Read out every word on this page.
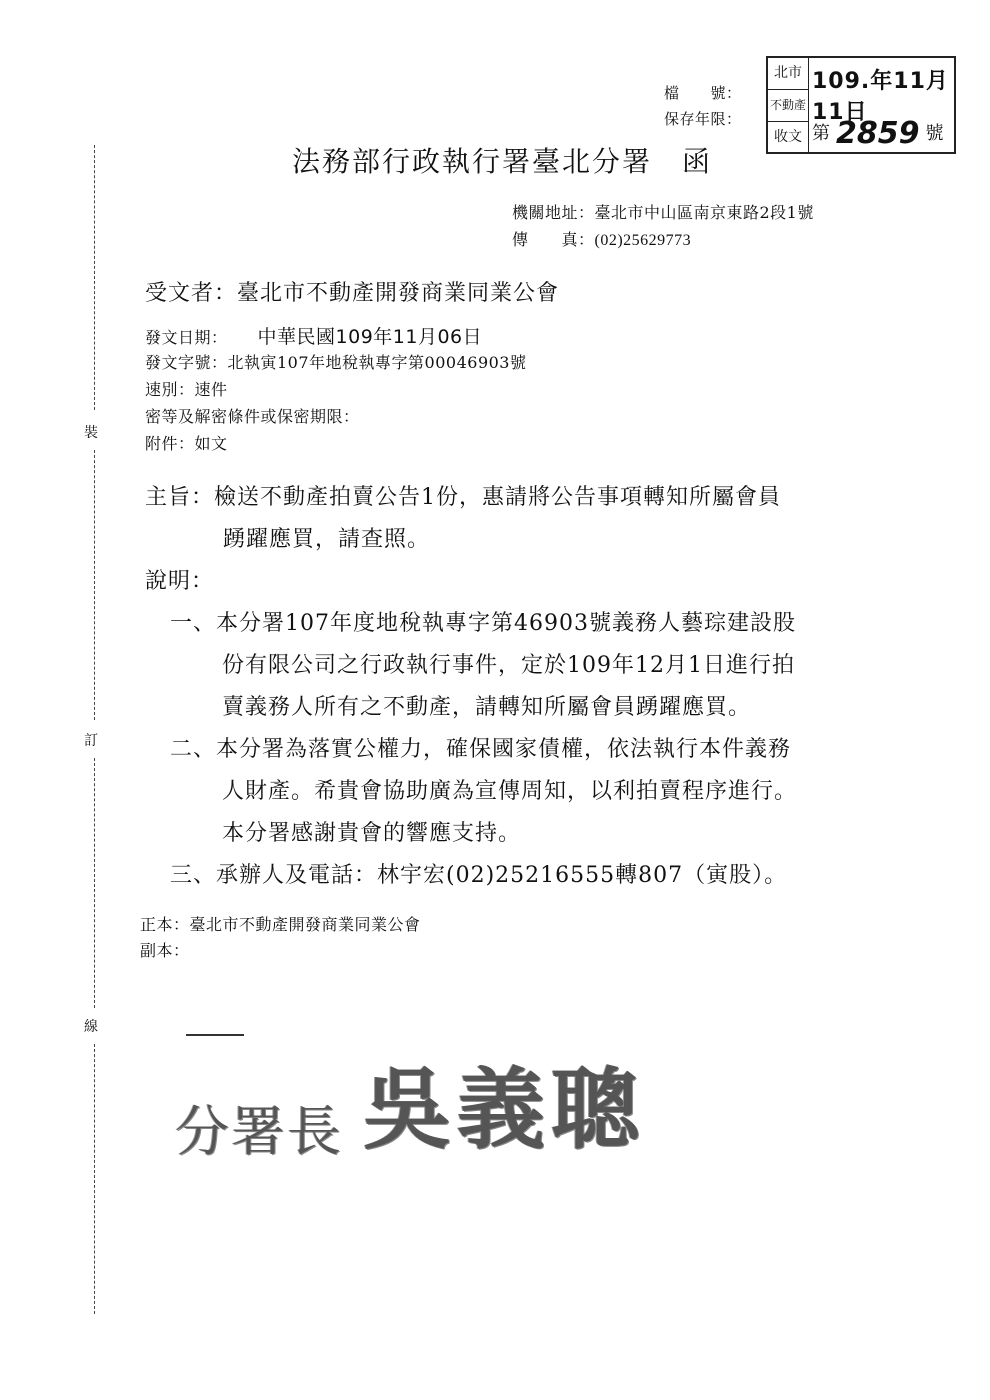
裝
訂
線
檔　　號：
保存年限：
北市
不動產
收文
109.年11月11日
第 2859 號
法務部行政執行署臺北分署 函
機關地址：臺北市中山區南京東路2段1號
傳　　真：(02)25629773
受文者：臺北市不動產開發商業同業公會
發文日期： 中華民國109年11月06日
發文字號：北執寅107年地稅執專字第00046903號
速別：速件
密等及解密條件或保密期限：
附件：如文
主旨：檢送不動產拍賣公告1份，惠請將公告事項轉知所屬會員
踴躍應買，請查照。
說明：
一、本分署107年度地稅執專字第46903號義務人藝琮建設股
份有限公司之行政執行事件，定於109年12月1日進行拍
賣義務人所有之不動產，請轉知所屬會員踴躍應買。
二、本分署為落實公權力，確保國家債權，依法執行本件義務
人財產。希貴會協助廣為宣傳周知，以利拍賣程序進行。
本分署感謝貴會的響應支持。
三、承辦人及電話：林宇宏(02)25216555轉807（寅股）。
正本：臺北市不動產開發商業同業公會
副本：
分署長 吳義聰
